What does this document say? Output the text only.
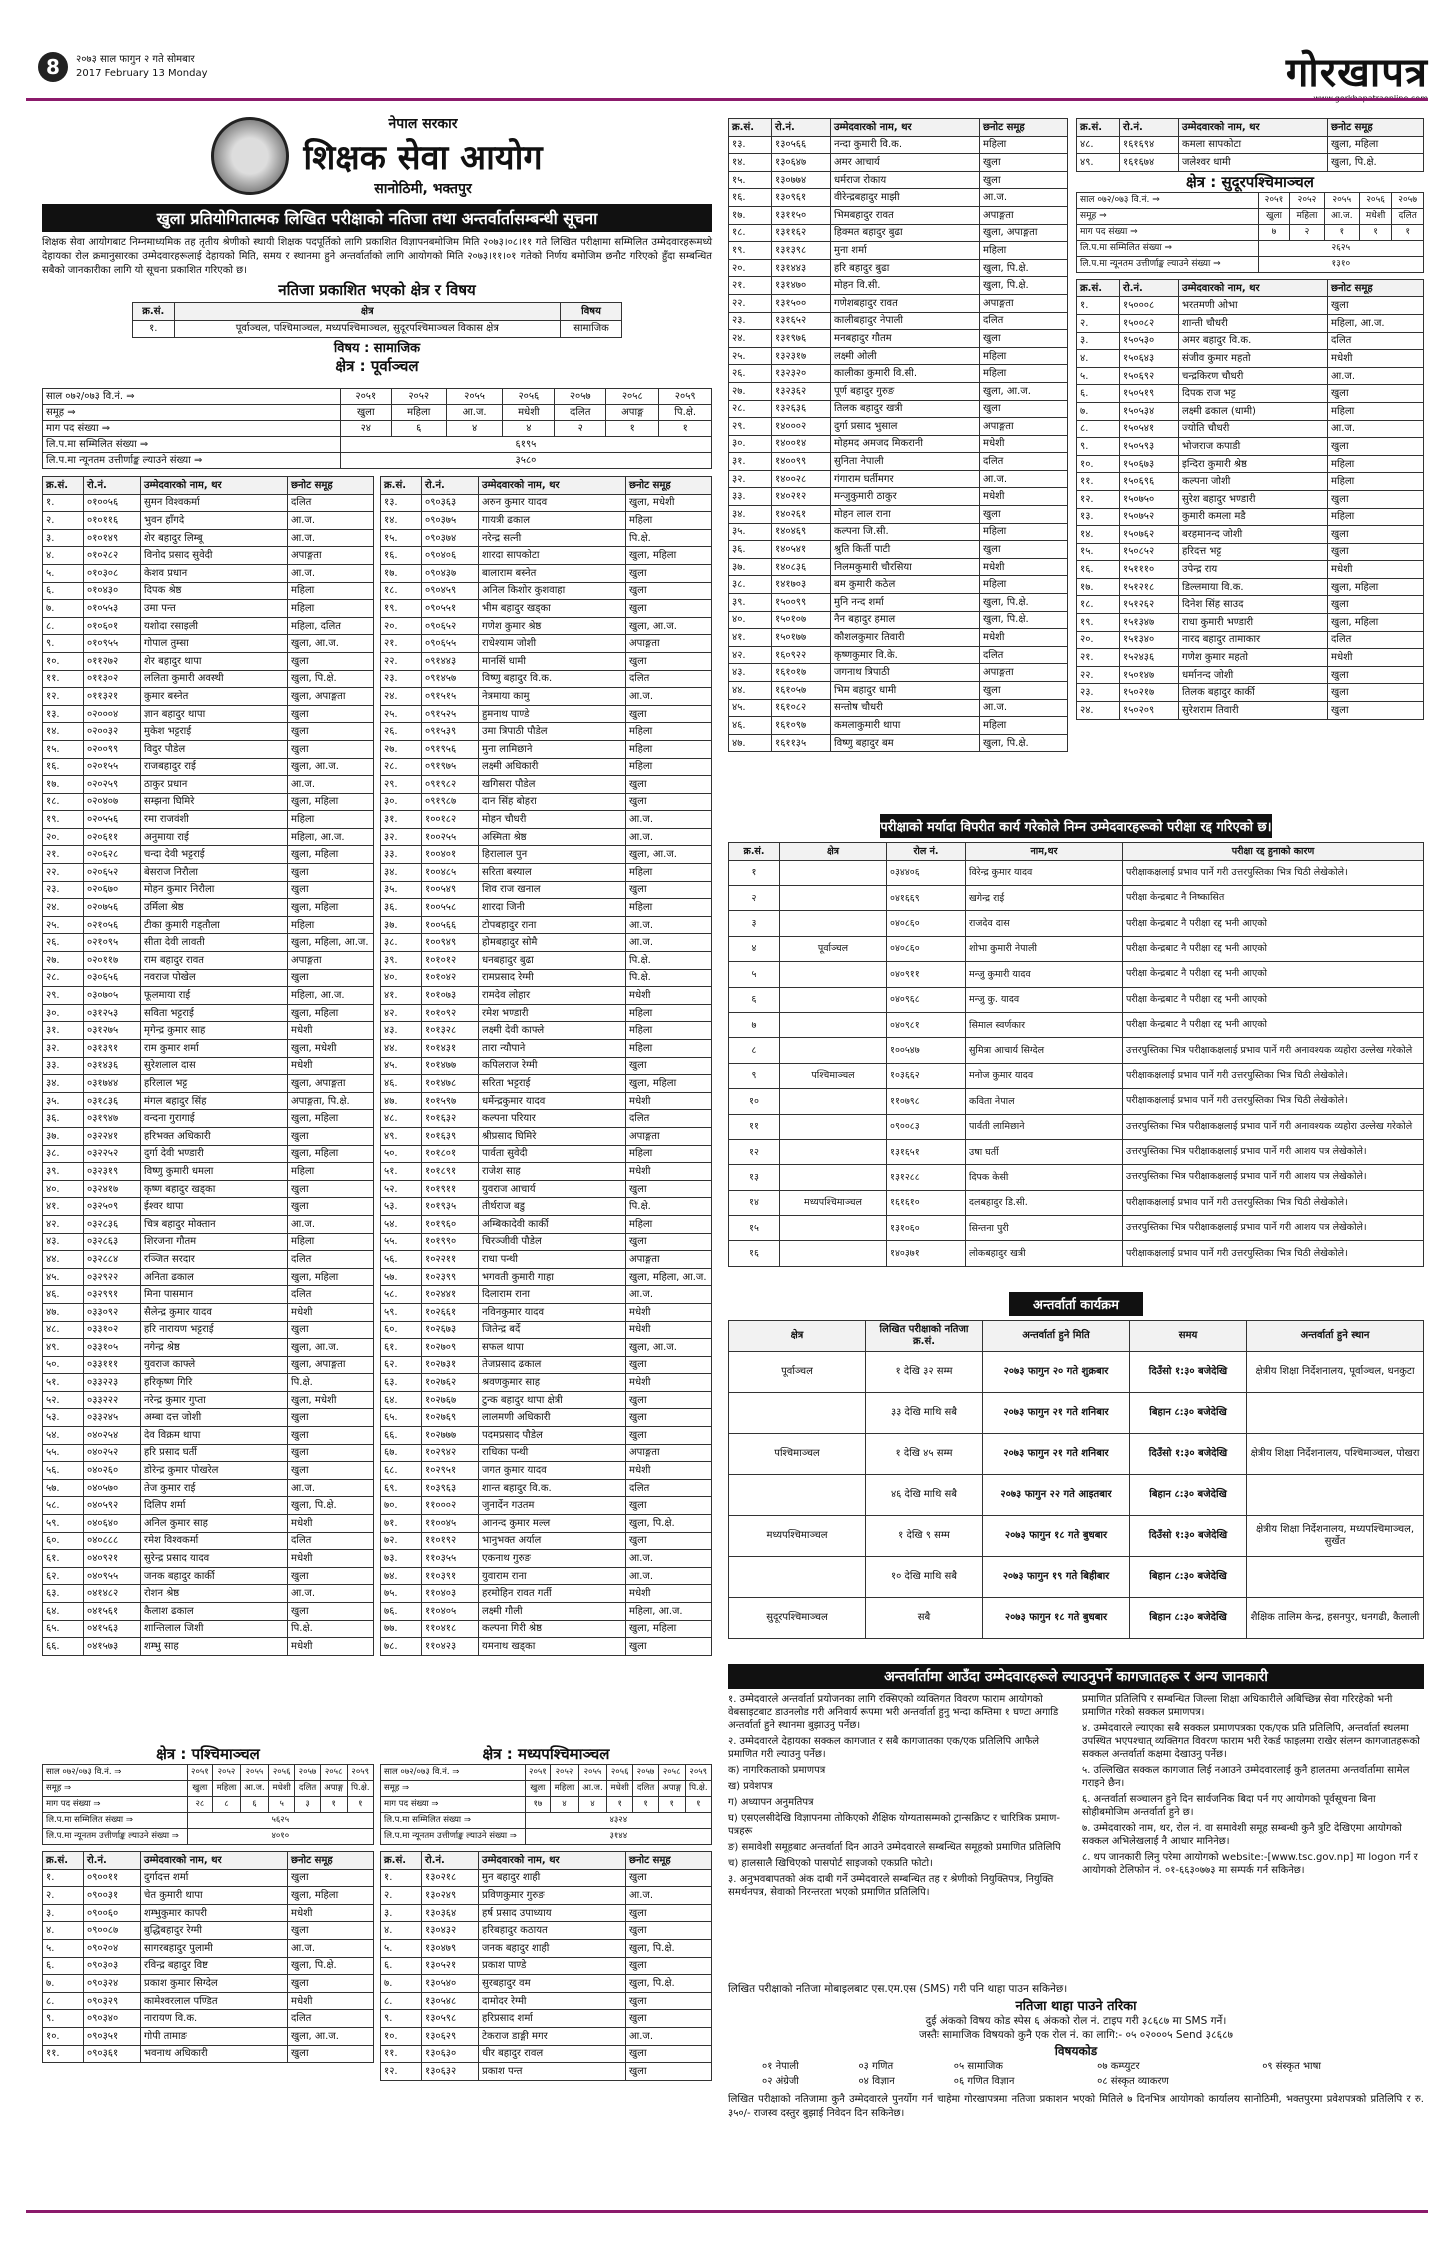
8	२०७३ साल फागुन २ गते सोमबार
2017 February 13 Monday	गोरखापत्र
नेपाल सरकार
शिक्षक सेवा आयोग
सानोठिमी, भक्तपुर
खुला प्रतियोगितात्मक लिखित परीक्षाको नतिजा तथा अन्तर्वार्तासम्बन्धी सूचना
शिक्षक सेवा आयोगबाट निम्नमाध्यमिक तह तृतीय श्रेणीको स्थायी शिक्षक पदपूर्तिको लागि प्रकाशित विज्ञापनबमोजिम मिति २०७३।०८।११ गते लिखित परीक्षामा सम्मिलित उम्मेदवारहरूमध्ये देहायका रोल क्रमानुसारका उम्मेदवारहरूलाई देहायको मिति, समय र स्थानमा हुने अन्तर्वार्ताको लागि आयोगको मिति २०७३।११।०१ गतेको निर्णय बमोजिम छनौट गरिएको हुँदा सम्बन्धित सबैको जानकारीका लागि यो सूचना प्रकाशित गरिएको छ।
नतिजा प्रकाशित भएको क्षेत्र र विषय
क्र.सं.	क्षेत्र	विषय
१.	पूर्वाञ्चल, पश्चिमाञ्चल, मध्यपश्चिमाञ्चल, सुदूरपश्चिमाञ्चल विकास क्षेत्र	सामाजिक
विषय : सामाजिक
क्षेत्र : पूर्वाञ्चल
साल ०७२/०७३ वि.नं. ⇒	२०५१	२०५२	२०५५	२०५६	२०५७	२०५८	२०५९
समूह ⇒	खुला	महिला	आ.ज.	मधेशी	दलित	अपाङ्ग	पि.क्षे.
माग पद संख्या ⇒	२४	६	४	४	२	१	१
लि.प.मा सम्मिलित संख्या ⇒	६१९५						
लि.प.मा न्यूनतम उत्तीर्णाङ्क ल्याउने संख्या ⇒	३५८०						
क्र.सं.	रो.नं.	उम्मेदवारको नाम, थर	छनोट समूह
१.	०१००५६	सुमन विश्वकर्मा	दलित
२.	०१०११६	भुवन हाँगदे	आ.ज.
३.	०१०१४९	शेर बहादुर लिम्बू	आ.ज.
४.	०१०२८२	विनोद प्रसाद सुवेदी	अपाङ्गता
५.	०१०३०८	केशव प्रधान	आ.ज.
६.	०१०४३०	दिपक श्रेष्ठ	महिला
७.	०१०५५३	उमा पन्त	महिला
८.	०१०६०१	यशोदा रसाइली	महिला, दलित
९.	०१०९५५	गोपाल तुम्सा	खुला, आ.ज.
१०.	०११२७२	शेर बहादुर थापा	खुला
११.	०११३०२	ललिता कुमारी अवस्थी	खुला, पि.क्षे.
१२.	०११३२१	कुमार बस्नेत	खुला, अपाङ्गता
१३.	०२०००४	ज्ञान बहादुर थापा	खुला
१४.	०२००३२	मुकेश भट्टराई	खुला
१५.	०२००९९	विदुर पौडेल	खुला
१६.	०२०१५५	राजबहादुर राई	खुला, आ.ज.
१७.	०२०२५९	ठाकुर प्रधान	आ.ज.
१८.	०२०४०७	सम्झना घिमिरे	खुला, महिला
१९.	०२०५५६	रमा राजवंशी	महिला
२०.	०२०६११	अनुमाया राई	महिला, आ.ज.
२१.	०२०६२८	चन्दा देवी भट्टराई	खुला, महिला
२२.	०२०६५२	बेसराज निरौला	खुला
२३.	०२०६७०	मोहन कुमार निरौला	खुला
२४.	०२०७५६	उर्मिला श्रेष्ठ	खुला, महिला
२५.	०२१०५६	टीका कुमारी गड्तौला	महिला
२६.	०२१०९५	सीता देवी लावती	खुला, महिला, आ.ज.
२७.	०२०११७	राम बहादुर रावत	अपाङ्गता
२८.	०३०६५६	नवराज पोखेल	खुला
२९.	०३०७०५	फूलमाया राई	महिला, आ.ज.
३०.	०३१२५३	सविता भट्टराई	खुला, महिला
३१.	०३१२७५	मृगेन्द्र कुमार साह	मधेशी
३२.	०३१३९१	राम कुमार शर्मा	खुला, मधेशी
३३.	०३१४३६	सुरेशलाल दास	मधेशी
३४.	०३१७४४	हरिलाल भट्ट	खुला, अपाङ्गता
३५.	०३१८३६	मंगल बहादुर सिंह	अपाङ्गता, पि.क्षे.
३६.	०३१९४७	वन्दना गुरागाई	खुला, महिला
३७.	०३२२४१	हरिभक्त अधिकारी	खुला
३८.	०३२२५२	दुर्गा देवी भण्डारी	खुला, महिला
३९.	०३२३१९	विष्णु कुमारी धमला	महिला
४०.	०३२४१७	कृष्ण बहादुर खड्का	खुला
४१.	०३२५०९	ईश्वर थापा	खुला
४२.	०३२८३६	चित्र बहादुर मोक्तान	आ.ज.
४३.	०३२८६३	शिरजना गौतम	महिला
४४.	०३२८८४	रञ्जित सरदार	दलित
४५.	०३२९२२	अनिता ढकाल	खुला, महिला
४६.	०३२९९१	मिना पासमान	दलित
४७.	०३३०९२	सैलेन्द्र कुमार यादव	मधेशी
४८.	०३३१०२	हरि नारायण भट्टराई	खुला
४९.	०३३१०५	नगेन्द्र श्रेष्ठ	खुला, आ.ज.
५०.	०३३१११	युवराज काफ्ले	खुला, अपाङ्गता
५१.	०३३२२३	हरिकृष्ण गिरि	पि.क्षे.
५२.	०३३२२२	नरेन्द्र कुमार गुप्ता	खुला, मधेशी
५३.	०३३२४५	अम्बा दत्त जोशी	खुला
५४.	०४०२५४	देव विक्रम थापा	खुला
५५.	०४०२५२	हरि प्रसाद घर्ती	खुला
५६.	०४०२६०	डोरेन्द्र कुमार पोखरेल	खुला
५७.	०४०५७०	तेज कुमार राई	आ.ज.
५८.	०४०५९२	दिलिप शर्मा	खुला, पि.क्षे.
५९.	०४०६४०	अनिल कुमार साह	मधेशी
६०.	०४०८८८	रमेश विश्वकर्मा	दलित
६१.	०४०९२१	सुरेन्द्र प्रसाद यादव	मधेशी
६२.	०४०९५५	जनक बहादुर कार्की	खुला
६३.	०४१४८२	रोशन श्रेष्ठ	आ.ज.
६४.	०४१५६१	कैलाश ढकाल	खुला
६५.	०४१५६३	शान्तिलाल जिशी	पि.क्षे.
६६.	०४१५७३	शम्भु साह	मधेशी
क्र.सं.	रो.नं.	उम्मेदवारको नाम, थर	छनोट समूह
१३.	०९०३६३	अरुन कुमार यादव	खुला, मधेशी
१४.	०९०३७५	गायत्री ढकाल	महिला
१५.	०९०३७४	नरेन्द्र सत्नी	पि.क्षे.
१६.	०९०४०६	शारदा सापकोटा	खुला, महिला
१७.	०९०४३७	बालाराम बस्नेत	खुला
१८.	०९०४५९	अनिल किशोर कुशवाहा	खुला
१९.	०९०५५१	भीम बहादुर खड्का	खुला
२०.	०९०६५२	गणेश कुमार श्रेष्ठ	खुला, आ.ज.
२१.	०९०६५५	राधेश्याम जोशी	अपाङ्गता
२२.	०९१४४३	मानसिं धामी	खुला
२३.	०९१४५७	विष्णु बहादुर वि.क.	दलित
२४.	०९१५१५	नेत्रमाया कामु	आ.ज.
२५.	०९१५२५	हुमनाथ पाण्डे	खुला
२६.	०९१५३९	उमा त्रिपाठी पौडेल	महिला
२७.	०९१९५६	मुना लामिछाने	महिला
२८.	०९१९७५	लक्ष्मी अधिकारी	महिला
२९.	०९१९८२	खगिसरा पौडेल	खुला
३०.	०९१९८७	दान सिंह बोहरा	खुला
३१.	१००१८२	मोहन चौधरी	आ.ज.
३२.	१००२५५	अस्मिता श्रेष्ठ	आ.ज.
३३.	१००४०१	हिरालाल पुन	खुला, आ.ज.
३४.	१००४८५	सरिता बस्याल	महिला
३५.	१००५४९	शिव राज खनाल	खुला
३६.	१००५५८	शारदा जिनी	महिला
३७.	१००५६६	टोपबहादुर राना	आ.ज.
३८.	१००९४९	होमबहादुर सोमै	आ.ज.
३९.	१०१०१२	धनबहादुर बुढा	पि.क्षे.
४०.	१०१०४२	रामप्रसाद रेग्मी	पि.क्षे.
४१.	१०१०७३	रामदेव लोहार	मधेशी
४२.	१०१०९२	रमेश भण्डारी	महिला
४३.	१०१३२८	लक्ष्मी देवी काफ्ले	महिला
४४.	१०१४३१	तारा न्यौपाने	महिला
४५.	१०१४७७	कपिलराज रेग्मी	खुला
४६.	१०१४७८	सरिता भट्टराई	खुला, महिला
४७.	१०१५९७	धर्मेन्द्रकुमार यादव	मधेशी
४८.	१०१६३२	कल्पना परियार	दलित
४९.	१०१६३९	श्रीप्रसाद घिमिरे	अपाङ्गता
५०.	१०१८०१	पार्वता सुवेदी	महिला
५१.	१०१८९१	राजेश साह	मधेशी
५२.	१०१९११	युवराज आचार्य	खुला
५३.	१०१९३५	तीर्थराज बडु	पि.क्षे.
५४.	१०१९६०	अम्बिकादेवी कार्की	महिला
५५.	१०१९९०	चिरञ्जीवी पौडेल	खुला
५६.	१०२२११	राधा पन्थी	अपाङ्गता
५७.	१०२३९९	भगवती कुमारी गाहा	खुला, महिला, आ.ज.
५८.	१०२४४१	दिलाराम राना	आ.ज.
५९.	१०२६६१	नविनकुमार यादव	मधेशी
६०.	१०२६७३	जितेन्द्र बर्दे	मधेशी
६१.	१०२७०९	सफल थापा	खुला, आ.ज.
६२.	१०२७३१	तेजप्रसाद ढकाल	खुला
६३.	१०२७६२	श्रवणकुमार साह	मधेशी
६४.	१०२७६७	टुन्क बहादुर थापा क्षेत्री	खुला
६५.	१०२७६९	लालमणी अधिकारी	खुला
६६.	१०२७७७	पदमप्रसाद पौडेल	खुला
६७.	१०२९४२	राधिका पन्थी	अपाङ्गता
६८.	१०२९५१	जगत कुमार यादव	मधेशी
६९.	१०३९६३	शान्त बहादुर वि.क.	दलित
७०.	११०००२	जुनार्देन गउतम	खुला
७१.	११००४५	आनन्द कुमार मल्ल	खुला, पि.क्षे.
७२.	११०१९२	भानुभक्त अर्याल	खुला
७३.	११०३५५	एकनाथ गुरुङ	आ.ज.
७४.	११०३९१	युवाराम राना	आ.ज.
७५.	११०४०३	हरमोहिन रावत गर्ती	मधेशी
७६.	११०४०५	लक्ष्मी गौली	महिला, आ.ज.
७७.	११०४१८	कल्पना गिरी श्रेष्ठ	खुला, महिला
७८.	११०४२३	यमनाथ खड्का	खुला
क्षेत्र : पश्चिमाञ्चल
साल ०७२/०७३ वि.नं. ⇒	२०५१	२०५२	२०५५	२०५६	२०५७	२०५८	२०५९
समूह ⇒	खुला	महिला	आ.ज.	मधेशी	दलित	अपाङ्ग	पि.क्षे.
माग पद संख्या ⇒	२८	८	६	५	३	१	१
लि.प.मा सम्मिलित संख्या ⇒	५६२५						
लि.प.मा न्यूनतम उत्तीर्णाङ्क ल्याउने संख्या ⇒	४०१०						
क्र.सं.	रो.नं.	उम्मेदवारको नाम, थर	छनोट समूह
१.	०९००११	दुर्गादत्त शर्मा	खुला
२.	०९००३१	चेत कुमारी थापा	खुला, महिला
३.	०९००६०	शम्भुकुमार कापरी	मधेशी
४.	०९००८७	बुद्धिबहादुर रेग्मी	खुला
५.	०९०२०४	सागरबहादुर पुलामी	आ.ज.
६.	०९०३०३	रविन्द्र बहादुर विष्ट	खुला, पि.क्षे.
७.	०९०३२४	प्रकाश कुमार सिग्देल	खुला
८.	०९०३२९	कामेश्वरलाल पण्डित	मधेशी
९.	०९०३४०	नारायण वि.क.	दलित
१०.	०९०३५१	गोपी तामाङ	खुला, आ.ज.
११.	०९०३६१	भवनाथ अधिकारी	खुला
क्षेत्र : मध्यपश्चिमाञ्चल
साल ०७२/०७३ वि.नं. ⇒	२०५१	२०५२	२०५५	२०५६	२०५७	२०५८	२०५९
समूह ⇒	खुला	महिला	आ.ज.	मधेशी	दलित	अपाङ्ग	पि.क्षे.
माग पद संख्या ⇒	१७	४	४	१	१	१	१
लि.प.मा सम्मिलित संख्या ⇒	४३२४						
लि.प.मा न्यूनतम उत्तीर्णाङ्क ल्याउने संख्या ⇒	३१४४						
क्र.सं.	रो.नं.	उम्मेदवारको नाम, थर	छनोट समूह
१.	१३०२१८	मुन बहादुर शाही	खुला
२.	१३०२४९	प्रविणकुमार गुरुङ	आ.ज.
३.	१३०३६४	हर्ष प्रसाद उपाध्याय	खुला
४.	१३०४३२	हरिबहादुर कठायत	खुला
५.	१३०४७९	जनक बहादुर शाही	खुला, पि.क्षे.
६.	१३०५२१	प्रकाश पाण्डे	खुला
७.	१३०५४०	सुरबहादुर वम	खुला, पि.क्षे.
८.	१३०५४८	दामोदर रेग्मी	खुला
९.	१३०५९८	हरिप्रसाद शर्मा	खुला
१०.	१३०६२९	टेकराज डाङ्गी मगर	आ.ज.
११.	१३०६३०	धीर बहादुर रावल	खुला
१२.	१३०६३२	प्रकाश पन्त	खुला
क्र.सं.	रो.नं.	उम्मेदवारको नाम, थर	छनोट समूह
१३.	१३०५६६	नन्दा कुमारी वि.क.	महिला
१४.	१३०६४७	अमर आचार्य	खुला
१५.	१३०७७४	धर्मराज रोकाय	खुला
१६.	१३०९६१	वीरेन्द्रबहादुर माझी	आ.ज.
१७.	१३११५०	भिमबहादुर रावत	अपाङ्गता
१८.	१३११६२	हिक्मत बहादुर बुढा	खुला, अपाङ्गता
१९.	१३१३९८	मुना शर्मा	महिला
२०.	१३१४४३	हरि बहादुर बुढा	खुला, पि.क्षे.
२१.	१३१४७०	मोहन वि.सी.	खुला, पि.क्षे.
२२.	१३१५००	गणेशबहादुर रावत	अपाङ्गता
२३.	१३१६५२	कालीबहादुर नेपाली	दलित
२४.	१३१९७६	मनबहादुर गौतम	खुला
२५.	१३२३१७	लक्ष्मी ओली	महिला
२६.	१३२३२०	कालीका कुमारी वि.सी.	महिला
२७.	१३२३६२	पूर्ण बहादुर गुरुङ	खुला, आ.ज.
२८.	१३२६३६	तिलक बहादुर खत्री	खुला
२९.	१४०००२	दुर्गा प्रसाद भुसाल	अपाङ्गता
३०.	१४००१४	मोहमद अमजद मिकरानी	मधेशी
३१.	१४००९९	सुनिता नेपाली	दलित
३२.	१४००२८	गंगाराम घर्तीमगर	आ.ज.
३३.	१४०२१२	मन्जुकुमारी ठाकुर	मधेशी
३४.	१४०२६१	मोहन लाल राना	खुला
३५.	१४०४६९	कल्पना जि.सी.	महिला
३६.	१४०५४१	श्रुति किर्ती पाटी	खुला
३७.	१४०८३६	निलमकुमारी चौरसिया	मधेशी
३८.	१४१७०३	बम कुमारी कठेल	महिला
३९.	१५००९९	मुनि नन्द शर्मा	खुला, पि.क्षे.
४०.	१५०१०७	नैन बहादुर हमाल	खुला, पि.क्षे.
४१.	१५०१७७	कौशलकुमार तिवारी	मधेशी
४२.	१६०९२२	कृष्णकुमार वि.के.	दलित
४३.	१६१०१७	जगनाथ त्रिपाठी	अपाङ्गता
४४.	१६१०५७	भिम बहादुर धामी	खुला
४५.	१६१०८२	सन्तोष चौधरी	आ.ज.
४६.	१६१०९७	कमलाकुमारी थापा	महिला
४७.	१६११३५	विष्णु बहादुर बम	खुला, पि.क्षे.
क्र.सं.	रो.नं.	उम्मेदवारको नाम, थर	छनोट समूह
४८.	१६१६९४	कमला सापकोटा	खुला, महिला
४९.	१६१६७४	जलेश्वर धामी	खुला, पि.क्षे.
क्षेत्र : सुदूरपश्चिमाञ्चल
साल ०७२/०७३ वि.नं. ⇒	२०५१	२०५२	२०५५	२०५६	२०५७
समूह ⇒	खुला	महिला	आ.ज.	मधेशी	दलित
माग पद संख्या ⇒	७	२	१	१	१
लि.प.मा सम्मिलित संख्या ⇒	२६२५				
लि.प.मा न्यूनतम उत्तीर्णाङ्क ल्याउने संख्या ⇒	१३१०				
क्र.सं.	रो.नं.	उम्मेदवारको नाम, थर	छनोट समूह
१.	१५०००८	भरतमणी ओभा	खुला
२.	१५००८२	शान्ती चौधरी	महिला, आ.ज.
३.	१५०५३०	अमर बहादुर वि.क.	दलित
४.	१५०६४३	संजीव कुमार महतो	मधेशी
५.	१५०६९२	चन्द्रकिरण चौधरी	आ.ज.
६.	१५०५१९	दिपक राज भट्ट	खुला
७.	१५०५३४	लक्ष्मी ढकाल (धामी)	महिला
८.	१५०५४१	ज्योति चौधरी	आ.ज.
९.	१५०५९३	भोजराज कपाडी	खुला
१०.	१५०६७३	इन्दिरा कुमारी श्रेष्ठ	महिला
११.	१५०६९६	कल्पना जोशी	महिला
१२.	१५०७५०	सुरेश बहादुर भण्डारी	खुला
१३.	१५०७५२	कुमारी कमला मडै	महिला
१४.	१५०७६२	बरहमानन्द जोशी	खुला
१५.	१५०८५२	हरिदत्त भट्ट	खुला
१६.	१५१११०	उपेन्द्र राय	मधेशी
१७.	१५१२१८	डिल्लमाया वि.क.	खुला, महिला
१८.	१५१२६२	दिनेश सिंह साउद	खुला
१९.	१५१३४७	राधा कुमारी भण्डारी	खुला, महिला
२०.	१५१३४०	नारद बहादुर तामाकार	दलित
२१.	१५२४३६	गणेश कुमार महतो	मधेशी
२२.	१५०१४७	धर्मानन्द जोशी	खुला
२३.	१५०२१७	तिलक बहादुर कार्की	खुला
२४.	१५०२०९	सुरेशराम तिवारी	खुला
परीक्षाको मर्यादा विपरीत कार्य गरेकोले निम्न उम्मेदवारहरूको परीक्षा रद्द गरिएको छ।
क्र.सं.	क्षेत्र	रोल नं.	नाम,थर	परीक्षा रद्द हुनाको कारण
१		०३४४०६	विरेन्द्र कुमार यादव	परीक्षाकक्षलाई प्रभाव पार्ने गरी उत्तरपुस्तिका भित्र चिठी लेखेकोले।
२		०४१६६९	खगेन्द्र राई	परीक्षा केन्द्रबाट नै निष्कासित
३		०४०८६०	राजदेव दास	परीक्षा केन्द्रबाट नै परीक्षा रद्द भनी आएको
४	पूर्वाञ्चल	०४०८६०	शोभा कुमारी नेपाली	परीक्षा केन्द्रबाट नै परीक्षा रद्द भनी आएको
५		०४०९११	मन्जु कुमारी यादव	परीक्षा केन्द्रबाट नै परीक्षा रद्द भनी आएको
६		०४०९६८	मन्जु कु. यादव	परीक्षा केन्द्रबाट नै परीक्षा रद्द भनी आएको
७		०४०९८१	सिमाल स्वर्णकार	परीक्षा केन्द्रबाट नै परीक्षा रद्द भनी आएको
८		१००५४७	सुमित्रा आचार्य सिग्देल	उत्तरपुस्तिका भित्र परीक्षाकक्षलाई प्रभाव पार्ने गरी अनावश्यक व्यहोरा उल्लेख गरेकोले
९	पश्चिमाञ्चल	१०३६६२	मनोज कुमार यादव	परीक्षाकक्षलाई प्रभाव पार्ने गरी उत्तरपुस्तिका भित्र चिठी लेखेकोले।
१०		११०७९८	कविता नेपाल	परीक्षाकक्षलाई प्रभाव पार्ने गरी उत्तरपुस्तिका भित्र चिठी लेखेकोले।
११		०९००८३	पार्वती लामिछाने	उत्तरपुस्तिका भित्र परीक्षाकक्षलाई प्रभाव पार्ने गरी अनावश्यक व्यहोरा उल्लेख गरेकोले
१२		१३१६५१	उषा घर्ती	उत्तरपुस्तिका भित्र परीक्षाकक्षलाई प्रभाव पार्ने गरी आशय पत्र लेखेकोले।
१३		१३१२८८	दिपक केसी	उत्तरपुस्तिका भित्र परीक्षाकक्षलाई प्रभाव पार्ने गरी आशय पत्र लेखेकोले।
१४	मध्यपश्चिमाञ्चल	१६१६१०	दलबहादुर डि.सी.	परीक्षाकक्षलाई प्रभाव पार्ने गरी उत्तरपुस्तिका भित्र चिठी लेखेकोले।
१५		१३१०६०	सिन्तना पुरी	उत्तरपुस्तिका भित्र परीक्षाकक्षलाई प्रभाव पार्ने गरी आशय पत्र लेखेकोले।
१६		१४०३७१	लोकबहादुर खत्री	परीक्षाकक्षलाई प्रभाव पार्ने गरी उत्तरपुस्तिका भित्र चिठी लेखेकोले।
अन्तर्वार्ता कार्यक्रम
क्षेत्र	लिखित परीक्षाको नतिजा क्र.सं.	अन्तर्वार्ता हुने मिति	समय	अन्तर्वार्ता हुने स्थान
पूर्वाञ्चल	१ देखि ३२ सम्म	२०७३ फागुन २० गते शुक्रबार	दिउँसो १:३० बजेदेखि	क्षेत्रीय शिक्षा निर्देशनालय, पूर्वाञ्चल, धनकुटा
	३३ देखि माथि सबै	२०७३ फागुन २१ गते शनिबार	बिहान ८:३० बजेदेखि	
पश्चिमाञ्चल	१ देखि ४५ सम्म	२०७३ फागुन २१ गते शनिबार	दिउँसो १:३० बजेदेखि	क्षेत्रीय शिक्षा निर्देशनालय, पश्चिमाञ्चल, पोखरा
	४६ देखि माथि सबै	२०७३ फागुन २२ गते आइतबार	बिहान ८:३० बजेदेखि	
मध्यपश्चिमाञ्चल	१ देखि ९ सम्म	२०७३ फागुन १८ गते बुधबार	दिउँसो १:३० बजेदेखि	क्षेत्रीय शिक्षा निर्देशनालय, मध्यपश्चिमाञ्चल, सुर्खेत
	१० देखि माथि सबै	२०७३ फागुन १९ गते बिहीबार	बिहान ८:३० बजेदेखि	
सुदूरपश्चिमाञ्चल	सबै	२०७३ फागुन १८ गते बुधबार	बिहान ८:३० बजेदेखि	शैक्षिक तालिम केन्द्र, हसनपुर, धनगढी, कैलाली
अन्तर्वार्तामा आउँदा उम्मेदवारहरूले ल्याउनुपर्ने कागजातहरू र अन्य जानकारी

१. उम्मेदवारले अन्तर्वार्ता प्रयोजनका लागि रक्सिएको व्यक्तिगत विवरण फाराम आयोगको वेबसाइटबाट डाउनलोड गरी अनिवार्य रूपमा भरी अन्तर्वार्ता हुनु भन्दा कम्तिमा १ घण्टा अगाडि अन्तर्वार्ता हुने स्थानमा बुझाउनु पर्नेछ।

२. उम्मेदवारले देहायका सक्कल कागजात र सबै कागजातका एक/एक प्रतिलिपि आफैले प्रमाणित गरी ल्याउनु पर्नेछ।

क) नागरिकताको प्रमाणपत्र

ख) प्रवेशपत्र

ग) अध्यापन अनुमतिपत्र

घ) एसएलसीदेखि विज्ञापनमा तोकिएको शैक्षिक योग्यतासम्मको ट्रान्सक्रिप्ट र चारित्रिक प्रमाण-पत्रहरू

ङ) समावेशी समूहबाट अन्तर्वार्ता दिन आउने उम्मेदवारले सम्बन्धित समूहको प्रमाणित प्रतिलिपि

च) हालसालै खिचिएको पासपोर्ट साइजको एकप्रति फोटो।

३. अनुभवबापतको अंक दाबी गर्ने उम्मेदवारले सम्बन्धित तह र श्रेणीको नियुक्तिपत्र, नियुक्ति समर्थनपत्र, सेवाको निरन्तरता भएको प्रमाणित प्रतिलिपि।

प्रमाणित प्रतिलिपि र सम्बन्धित जिल्ला शिक्षा अधिकारीले अबिच्छिन्न सेवा गरिरहेको भनी प्रमाणित गरेको सक्कल प्रमाणपत्र।

४. उम्मेदवारले ल्याएका सबै सक्कल प्रमाणपत्रका एक/एक प्रति प्रतिलिपि, अन्तर्वार्ता स्थलमा उपस्थित भएपश्चात् व्यक्तिगत विवरण फाराम भरी रेकर्ड फाइलमा राखेर संलग्न कागजातहरूको सक्कल अन्तर्वार्ता कक्षमा देखाउनु पर्नेछ।

५. उल्लिखित सक्कल कागजात लिई नआउने उम्मेदवारलाई कुनै हालतमा अन्तर्वार्तामा सामेल गराइने छैन।

६. अन्तर्वार्ता सञ्चालन हुने दिन सार्वजनिक बिदा पर्न गए आयोगको पूर्वसूचना बिना सोहीबमोजिम अन्तर्वार्ता हुने छ।

७. उम्मेदवारको नाम, थर, रोल नं. वा समावेशी समूह सम्बन्धी कुनै त्रुटि देखिएमा आयोगको सक्कल अभिलेखलाई नै आधार मानिनेछ।

८. थप जानकारी लिनु परेमा आयोगको website:-[www.tsc.gov.np] मा logon गर्न र आयोगको टेलिफोन नं. ०१-६६३०७७३ मा सम्पर्क गर्न सकिनेछ।

लिखित परीक्षाको नतिजा मोबाइलबाट एस.एम.एस (SMS) गरी पनि थाहा पाउन सकिनेछ।
नतिजा थाहा पाउने तरिका
दुई अंकको विषय कोड स्पेस ६ अंकको रोल नं. टाइप गरी ३८६८७ मा SMS गर्ने।
जस्तैः सामाजिक विषयको कुनै एक रोल नं. का लागि:- ०५ ०२०००५ Send ३८६८७
विषयकोड
०१ नेपाली	०३ गणित	०५ सामाजिक	०७ कम्प्युटर	०९ संस्कृत भाषा
०२ अंग्रेजी	०४ विज्ञान	०६ गणित विज्ञान	०८ संस्कृत व्याकरण	
लिखित परीक्षाको नतिजामा कुनै उम्मेदवारले पुनर्योग गर्न चाहेमा गोरखापत्रमा नतिजा प्रकाशन भएको मितिले ७ दिनभित्र आयोगको कार्यालय सानोठिमी, भक्तपुरमा प्रवेशपत्रको प्रतिलिपि र रु. ३५०/- राजस्व दस्तुर बुझाई निवेदन दिन सकिनेछ।
